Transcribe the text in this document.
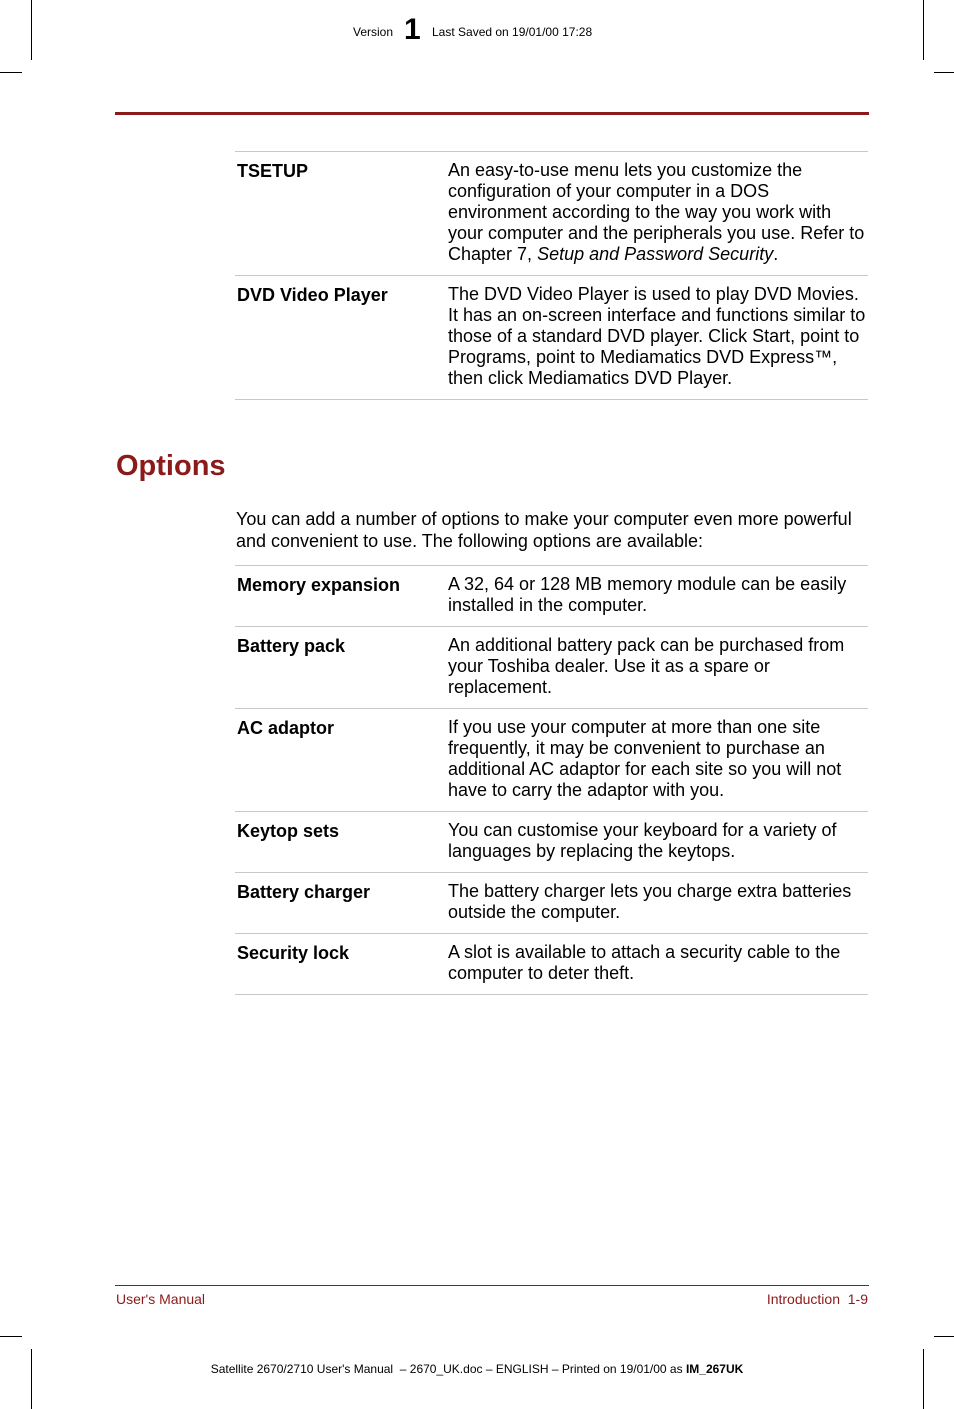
Version 1 Last Saved on 19/01/00 17:28
TSETUP	An easy-to-use menu lets you customize the configuration of your computer in a DOS environment according to the way you work with your computer and the peripherals you use. Refer to Chapter 7, Setup and Password Security.
DVD Video Player	The DVD Video Player is used to play DVD Movies. It has an on-screen interface and functions similar to those of a standard DVD player. Click Start, point to Programs, point to Mediamatics DVD Express™, then click Mediamatics DVD Player.
Options

You can add a number of options to make your computer even more powerful and convenient to use. The following options are available:

Memory expansion	A 32, 64 or 128 MB memory module can be easily installed in the computer.
Battery pack	An additional battery pack can be purchased from your Toshiba dealer. Use it as a spare or replacement.
AC adaptor	If you use your computer at more than one site frequently, it may be convenient to purchase an additional AC adaptor for each site so you will not have to carry the adaptor with you.
Keytop sets	You can customise your keyboard for a variety of languages by replacing the keytops.
Battery charger	The battery charger lets you charge extra batteries outside the computer.
Security lock	A slot is available to attach a security cable to the computer to deter theft.
User's Manual	Introduction  1-9
Satellite 2670/2710 User's Manual  – 2670_UK.doc – ENGLISH – Printed on 19/01/00 as IM_267UK
